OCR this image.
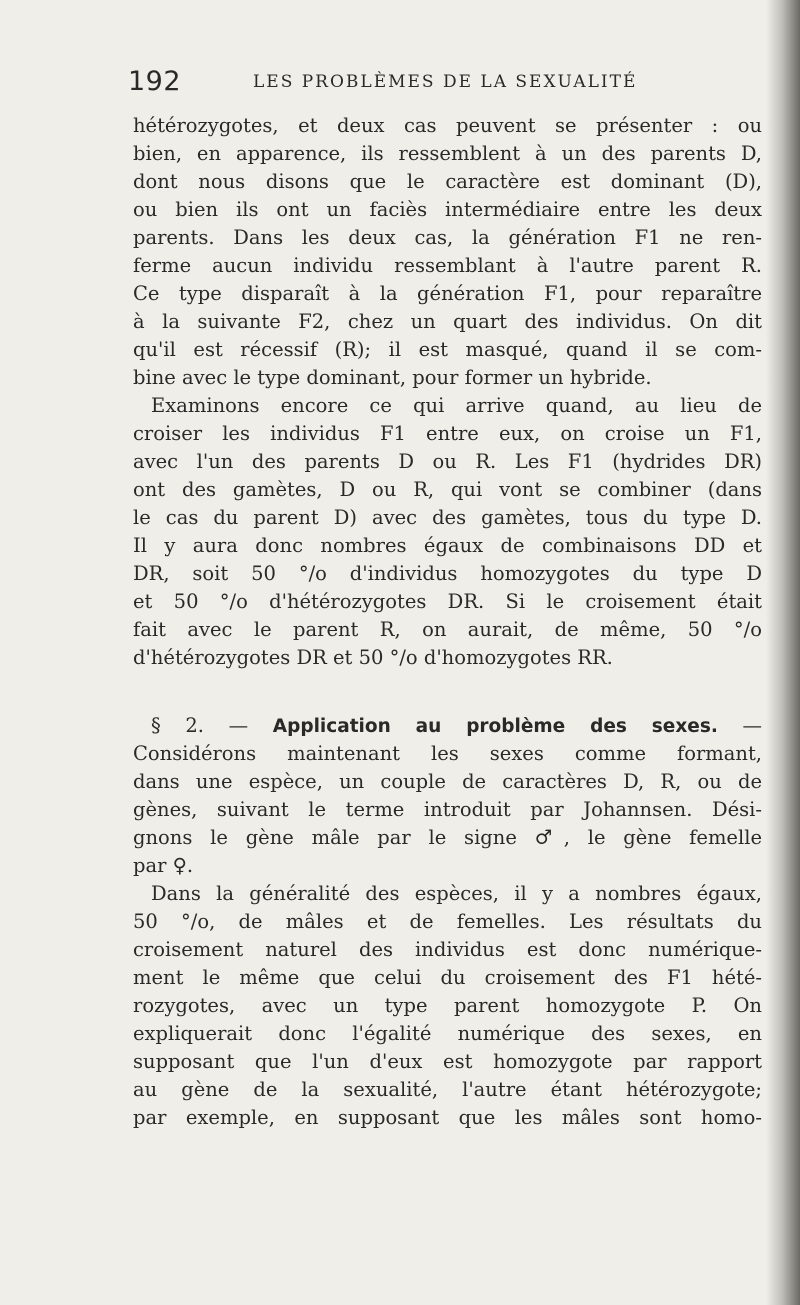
192	LES PROBLÈMES DE LA SEXUALITÉ
hétérozygotes, et deux cas peuvent se présenter : ou
bien, en apparence, ils ressemblent à un des parents D,
dont nous disons que le caractère est dominant (D),
ou bien ils ont un faciès intermédiaire entre les deux
parents. Dans les deux cas, la génération F1 ne ren-
ferme aucun individu ressemblant à l'autre parent R.
Ce type disparaît à la génération F1, pour reparaître
à la suivante F2, chez un quart des individus. On dit
qu'il est récessif (R); il est masqué, quand il se com-
bine avec le type dominant, pour former un hybride.
Examinons encore ce qui arrive quand, au lieu de
croiser les individus F1 entre eux, on croise un F1,
avec l'un des parents D ou R. Les F1 (hydrides DR)
ont des gamètes, D ou R, qui vont se combiner (dans
le cas du parent D) avec des gamètes, tous du type D.
Il y aura donc nombres égaux de combinaisons DD et
DR, soit 50 °/o d'individus homozygotes du type D
et 50 °/o d'hétérozygotes DR. Si le croisement était
fait avec le parent R, on aurait, de même, 50 °/o
d'hétérozygotes DR et 50 °/o d'homozygotes RR.
§ 2. — Application au problème des sexes. —
Considérons maintenant les sexes comme formant,
dans une espèce, un couple de caractères D, R, ou de
gènes, suivant le terme introduit par Johannsen. Dési-
gnons le gène mâle par le signe ♂, le gène femelle
par ♀.
Dans la généralité des espèces, il y a nombres égaux,
50 °/o, de mâles et de femelles. Les résultats du
croisement naturel des individus est donc numérique-
ment le même que celui du croisement des F1 hété-
rozygotes, avec un type parent homozygote P. On
expliquerait donc l'égalité numérique des sexes, en
supposant que l'un d'eux est homozygote par rapport
au gène de la sexualité, l'autre étant hétérozygote;
par exemple, en supposant que les mâles sont homo-
